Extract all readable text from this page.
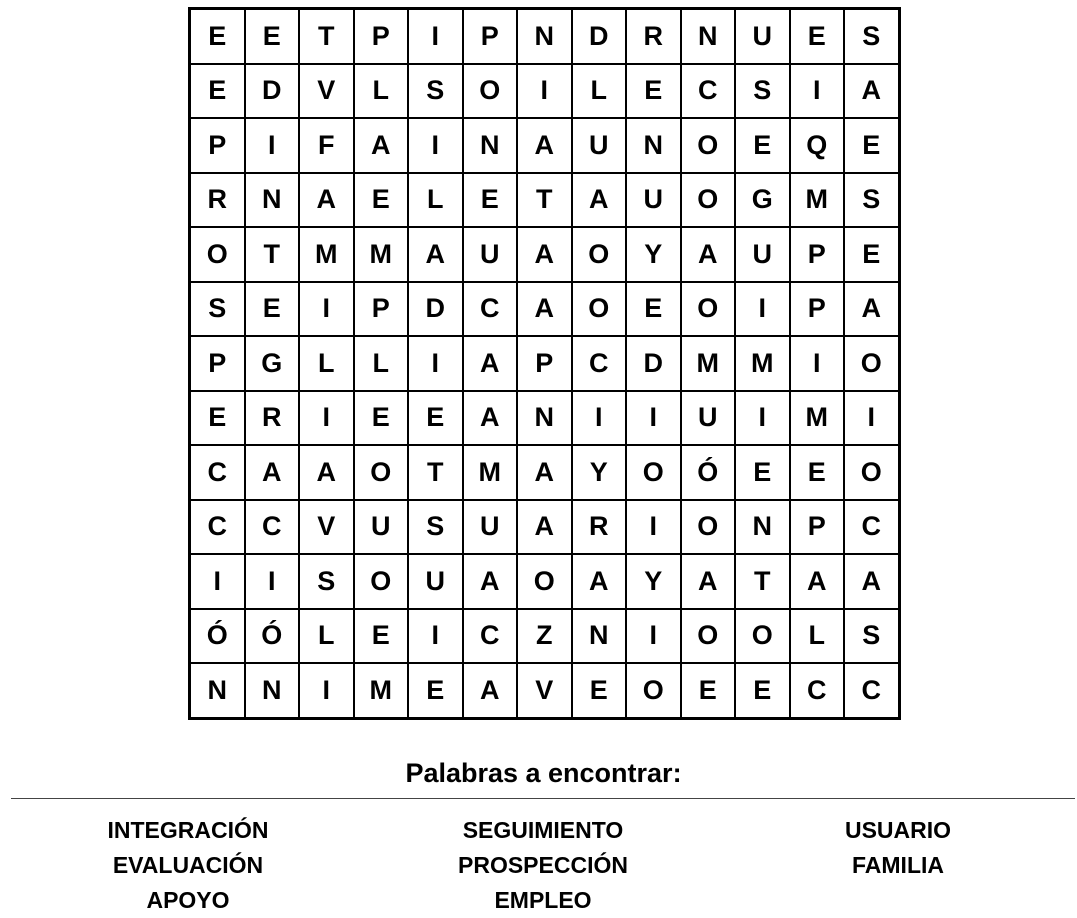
E	E	T	P	I	P	N	D	R	N	U	E	S
E	D	V	L	S	O	I	L	E	C	S	I	A
P	I	F	A	I	N	A	U	N	O	E	Q	E
R	N	A	E	L	E	T	A	U	O	G	M	S
O	T	M	M	A	U	A	O	Y	A	U	P	E
S	E	I	P	D	C	A	O	E	O	I	P	A
P	G	L	L	I	A	P	C	D	M	M	I	O
E	R	I	E	E	A	N	I	I	U	I	M	I
C	A	A	O	T	M	A	Y	O	Ó	E	E	O
C	C	V	U	S	U	A	R	I	O	N	P	C
I	I	S	O	U	A	O	A	Y	A	T	A	A
Ó	Ó	L	E	I	C	Z	N	I	O	O	L	S
N	N	I	M	E	A	V	E	O	E	E	C	C
Palabras a encontrar:
INTEGRACIÓN
EVALUACIÓN
APOYO
SEGUIMIENTO
PROSPECCIÓN
EMPLEO
USUARIO
FAMILIA
